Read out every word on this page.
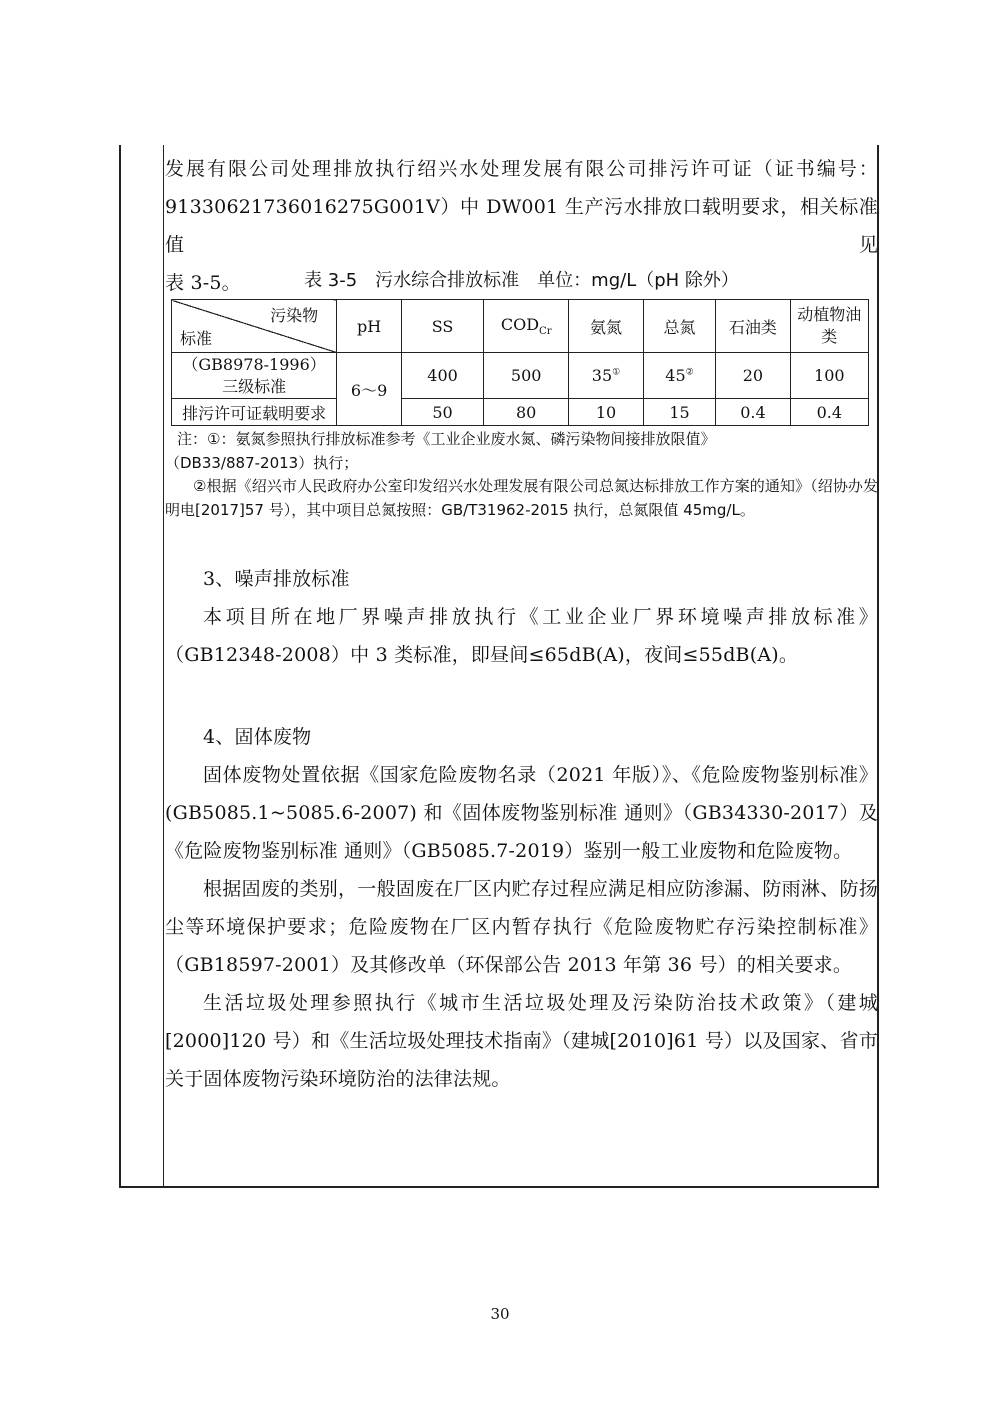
发展有限公司处理排放执行绍兴水处理发展有限公司排污许可证（证书编号：

91330621736016275G001V）中 DW001 生产污水排放口载明要求，相关标准值见

表 3-5。	表 3-5　污水综合排放标准　单位：mg/L（pH 除外）
污染物
标准	pH	SS	$COD_{Cr}$	氨氮	总氮	石油类	动植物油类
（GB8978-1996）三级标准	6～9	400	500	35①	45②	20	100
排污许可证载明要求		50	80	10	15	0.4	0.4

注：①：氨氮参照执行排放标准参考《工业企业废水氮、磷污染物间接排放限值》

（DB33/887-2013）执行；

②根据《绍兴市人民政府办公室印发绍兴水处理发展有限公司总氮达标排放工作方案的通知》（绍协办发明电[2017]57 号），其中项目总氮按照：GB/T31962-2015 执行，总氮限值 45mg/L。

3、噪声排放标准

本项目所在地厂界噪声排放执行《工业企业厂界环境噪声排放标准》（GB12348-2008）中 3 类标准，即昼间≤65dB(A)，夜间≤55dB(A)。

4、固体废物

固体废物处置依据《国家危险废物名录（2021 年版）》、《危险废物鉴别标准》(GB5085.1~5085.6-2007) 和《固体废物鉴别标准 通则》（GB34330-2017）及《危险废物鉴别标准 通则》（GB5085.7-2019）鉴别一般工业废物和危险废物。

根据固废的类别，一般固废在厂区内贮存过程应满足相应防渗漏、防雨淋、防扬尘等环境保护要求；危险废物在厂区内暂存执行《危险废物贮存污染控制标准》（GB18597-2001）及其修改单（环保部公告 2013 年第 36 号）的相关要求。

生活垃圾处理参照执行《城市生活垃圾处理及污染防治技术政策》（建城[2000]120 号）和《生活垃圾处理技术指南》（建城[2010]61 号）以及国家、省市关于固体废物污染环境防治的法律法规。

30
